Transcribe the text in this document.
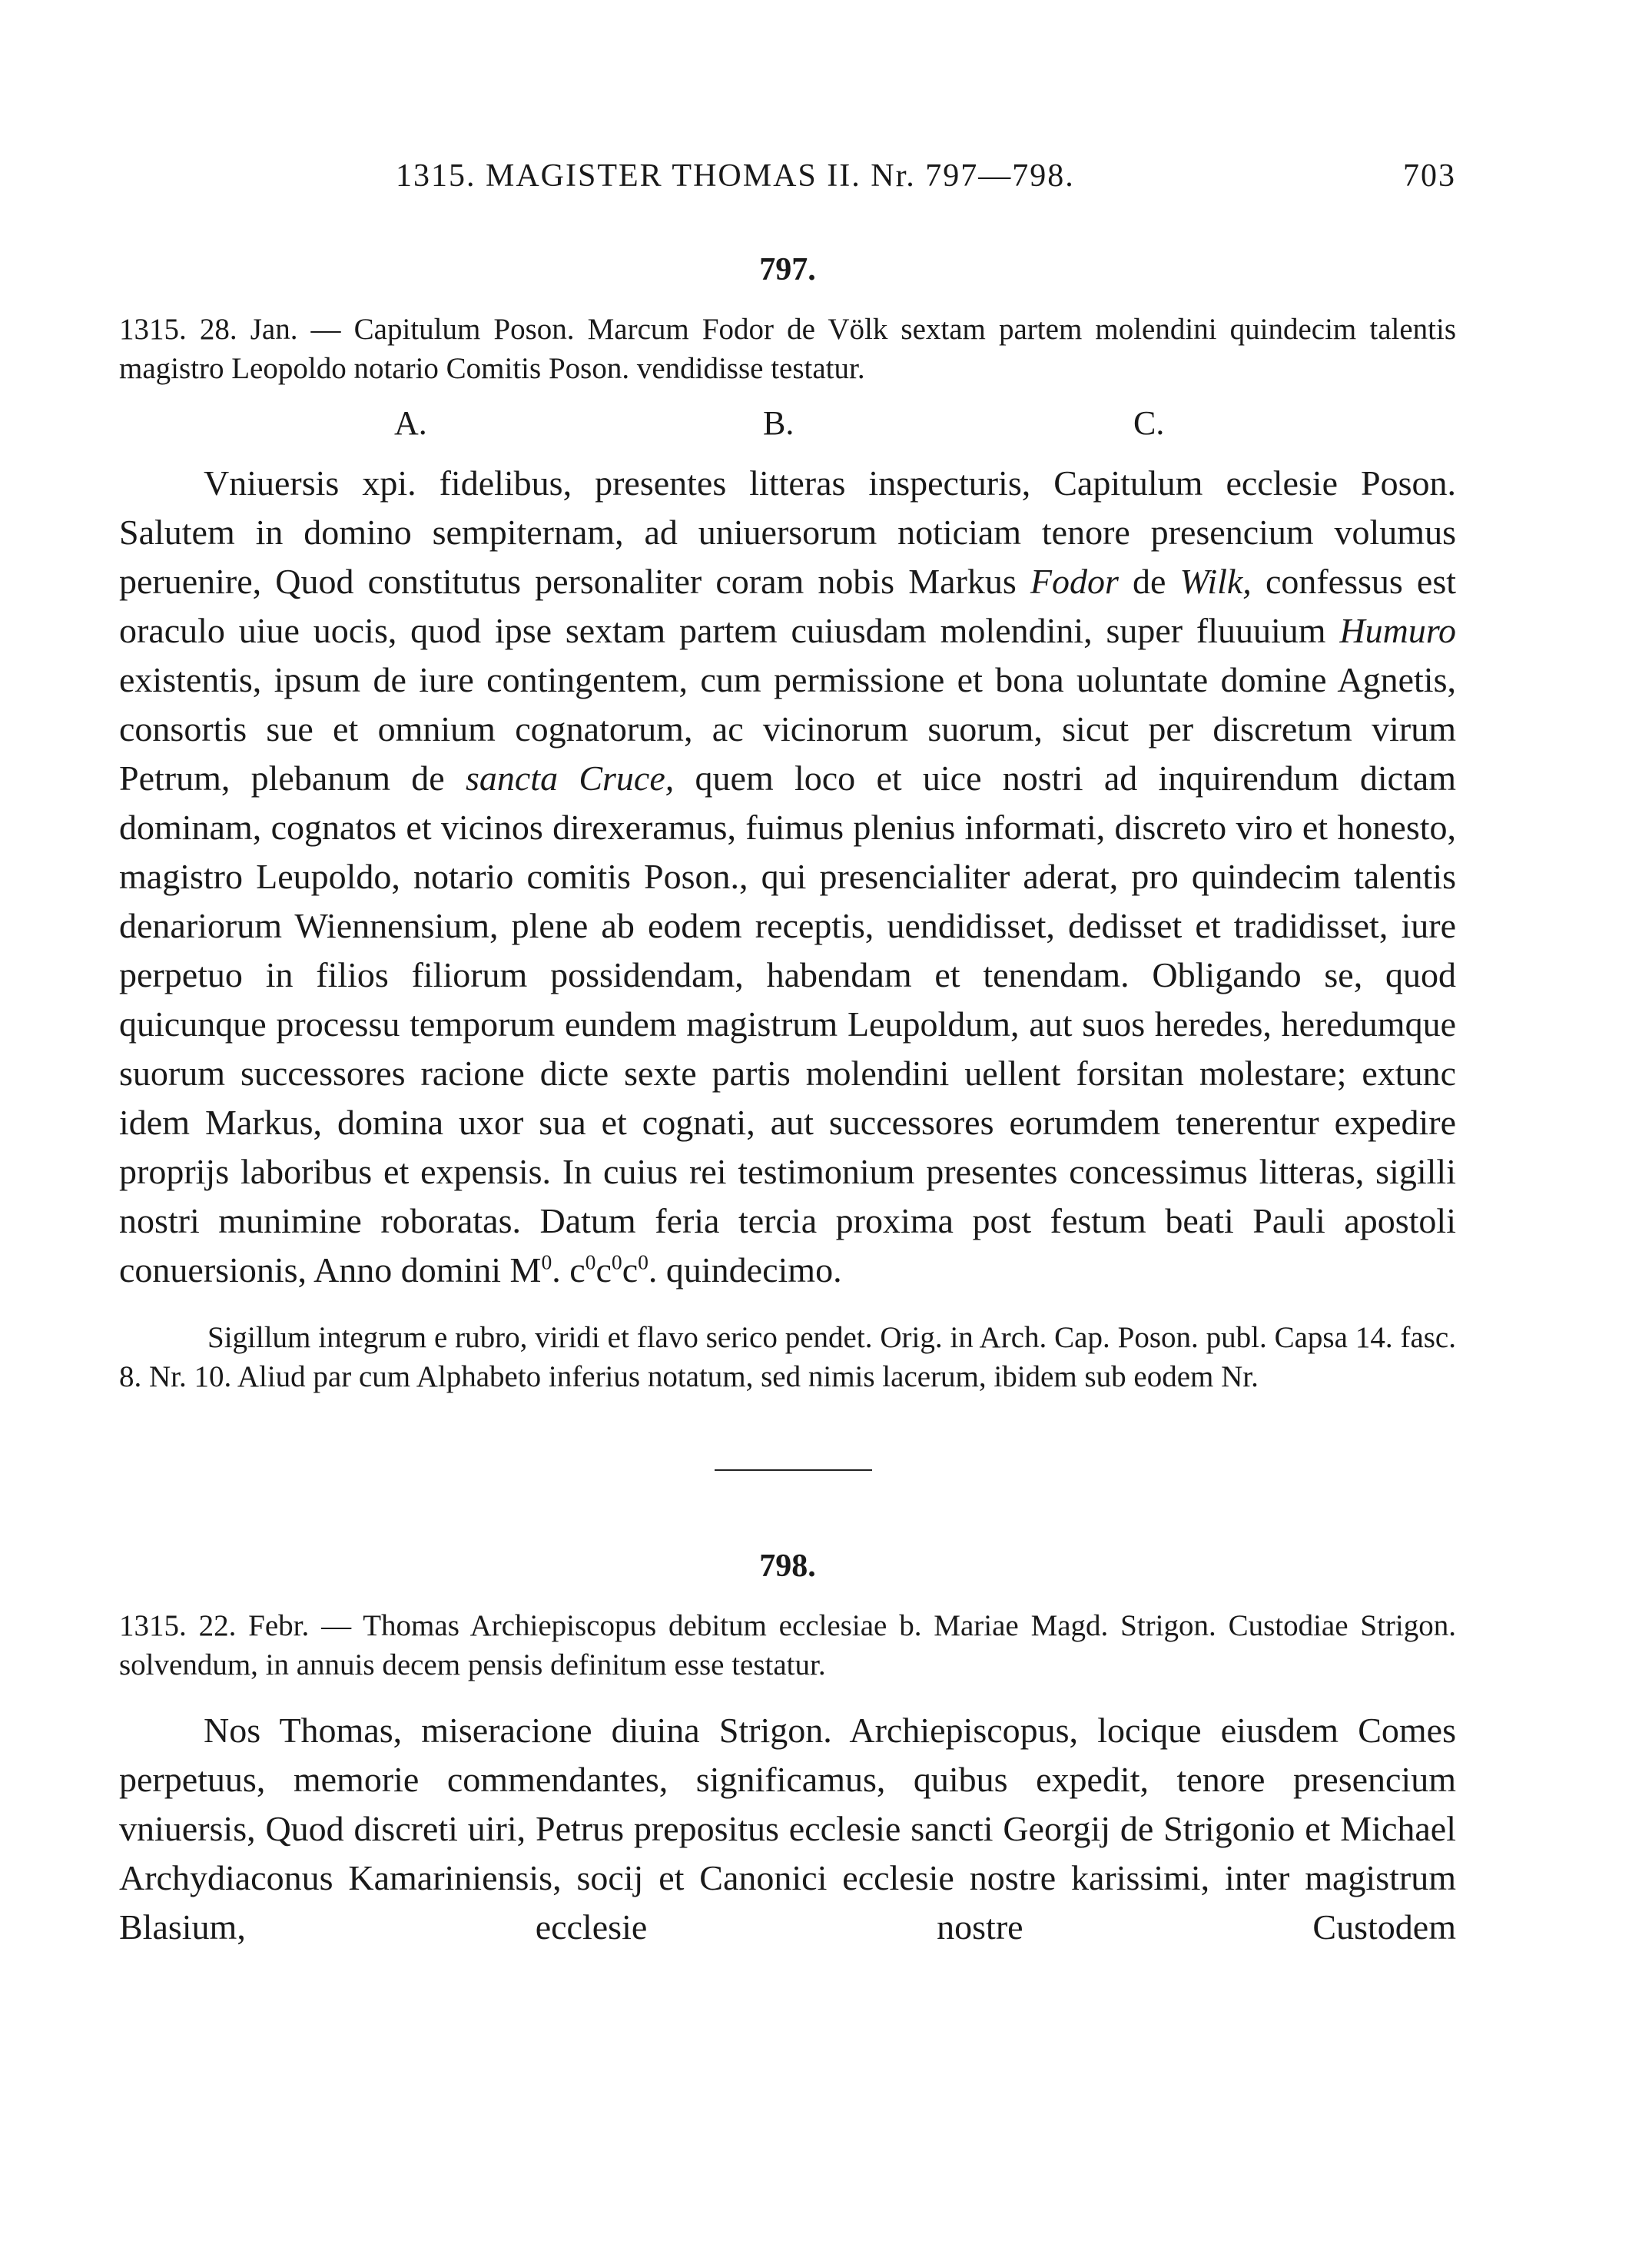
1315. MAGISTER THOMAS II. Nr. 797—798.	703
797.
1315. 28. Jan. — Capitulum Poson. Marcum Fodor de Völk sextam partem molendini quindecim talentis magistro Leopoldo notario Comitis Poson. vendidisse testatur.
A.	B.	C.
Vniuersis xpi. fidelibus, presentes litteras inspecturis, Capitulum ecclesie Poson. Salutem in domino sempiternam, ad uniuersorum noticiam tenore presencium volumus peruenire, Quod constitutus personaliter coram nobis Markus Fodor de Wilk, confessus est oraculo uiue uocis, quod ipse sextam partem cuiusdam molendini, super fluuuium Humuro existentis, ipsum de iure contingentem, cum permissione et bona uoluntate domine Agnetis, consortis sue et omnium cognatorum, ac vicinorum suorum, sicut per discretum virum Petrum, plebanum de sancta Cruce, quem loco et uice nostri ad inquirendum dictam dominam, cognatos et vicinos direxeramus, fuimus plenius informati, discreto viro et honesto, magistro Leupoldo, notario comitis Poson., qui presencialiter aderat, pro quindecim talentis denariorum Wiennensium, plene ab eodem receptis, uendidisset, dedisset et tradidisset, iure perpetuo in filios filiorum possidendam, habendam et tenendam. Obligando se, quod quicunque processu temporum eundem magistrum Leupoldum, aut suos heredes, heredumque suorum successores racione dicte sexte partis molendini uellent forsitan molestare; extunc idem Markus, domina uxor sua et cognati, aut successores eorumdem tenerentur expedire proprijs laboribus et expensis. In cuius rei testimonium presentes concessimus litteras, sigilli nostri munimine roboratas. Datum feria tercia proxima post festum beati Pauli apostoli conuersionis, Anno domini $M^0$. $c^0c^0c^0$. quindecimo.
Sigillum integrum e rubro, viridi et flavo serico pendet. Orig. in Arch. Cap. Poson. publ. Capsa 14. fasc. 8. Nr. 10. Aliud par cum Alphabeto inferius notatum, sed nimis lacerum, ibidem sub eodem Nr.
798.
1315. 22. Febr. — Thomas Archiepiscopus debitum ecclesiae b. Mariae Magd. Strigon. Custodiae Strigon. solvendum, in annuis decem pensis definitum esse testatur.
Nos Thomas, miseracione diuina Strigon. Archiepiscopus, locique eiusdem Comes perpetuus, memorie commendantes, significamus, quibus expedit, tenore presencium vniuersis, Quod discreti uiri, Petrus prepositus ecclesie sancti Georgij de Strigonio et Michael Archydiaconus Kamariniensis, socij et Canonici ecclesie nostre karissimi, inter magistrum Blasium, ecclesie nostre Custodem
